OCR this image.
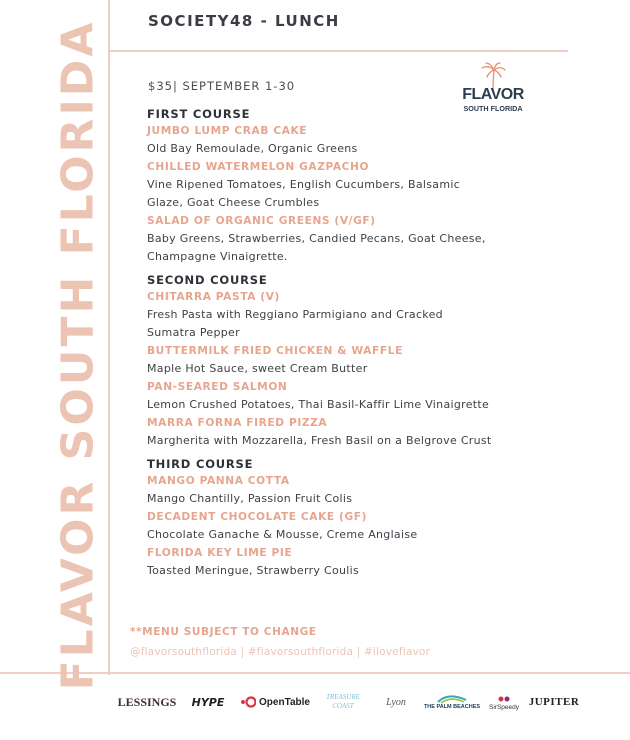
FLAVOR SOUTH FLORIDA	SOCIETY48 - LUNCH
$35| SEPTEMBER 1-30	FLAVOR
SOUTH FLORIDA
FIRST COURSE
JUMBO LUMP CRAB CAKE
Old Bay Remoulade, Organic Greens
CHILLED WATERMELON GAZPACHO
Vine Ripened Tomatoes, English Cucumbers, Balsamic
Glaze, Goat Cheese Crumbles
SALAD OF ORGANIC GREENS (V/GF)
Baby Greens, Strawberries, Candied Pecans, Goat Cheese,
Champagne Vinaigrette.
SECOND COURSE
CHITARRA PASTA (V)
Fresh Pasta with Reggiano Parmigiano and Cracked
Sumatra Pepper
BUTTERMILK FRIED CHICKEN & WAFFLE
Maple Hot Sauce, sweet Cream Butter
PAN-SEARED SALMON
Lemon Crushed Potatoes, Thai Basil-Kaffir Lime Vinaigrette
MARRA FORNA FIRED PIZZA
Margherita with Mozzarella, Fresh Basil on a Belgrove Crust
THIRD COURSE
MANGO PANNA COTTA
Mango Chantilly, Passion Fruit Colis
DECADENT CHOCOLATE CAKE (GF)
Chocolate Ganache & Mousse, Creme Anglaise
FLORIDA KEY LIME PIE
Toasted Meringue, Strawberry Coulis
**MENU SUBJECT TO CHANGE
@flavorsouthflorida | #flavorsouthflorida | #iloveflavor
LESSINGS HYPE	OpenTable	TREASURE COAST	Lyon	THE PALM BEACHES SirSpeedy JUPITER
